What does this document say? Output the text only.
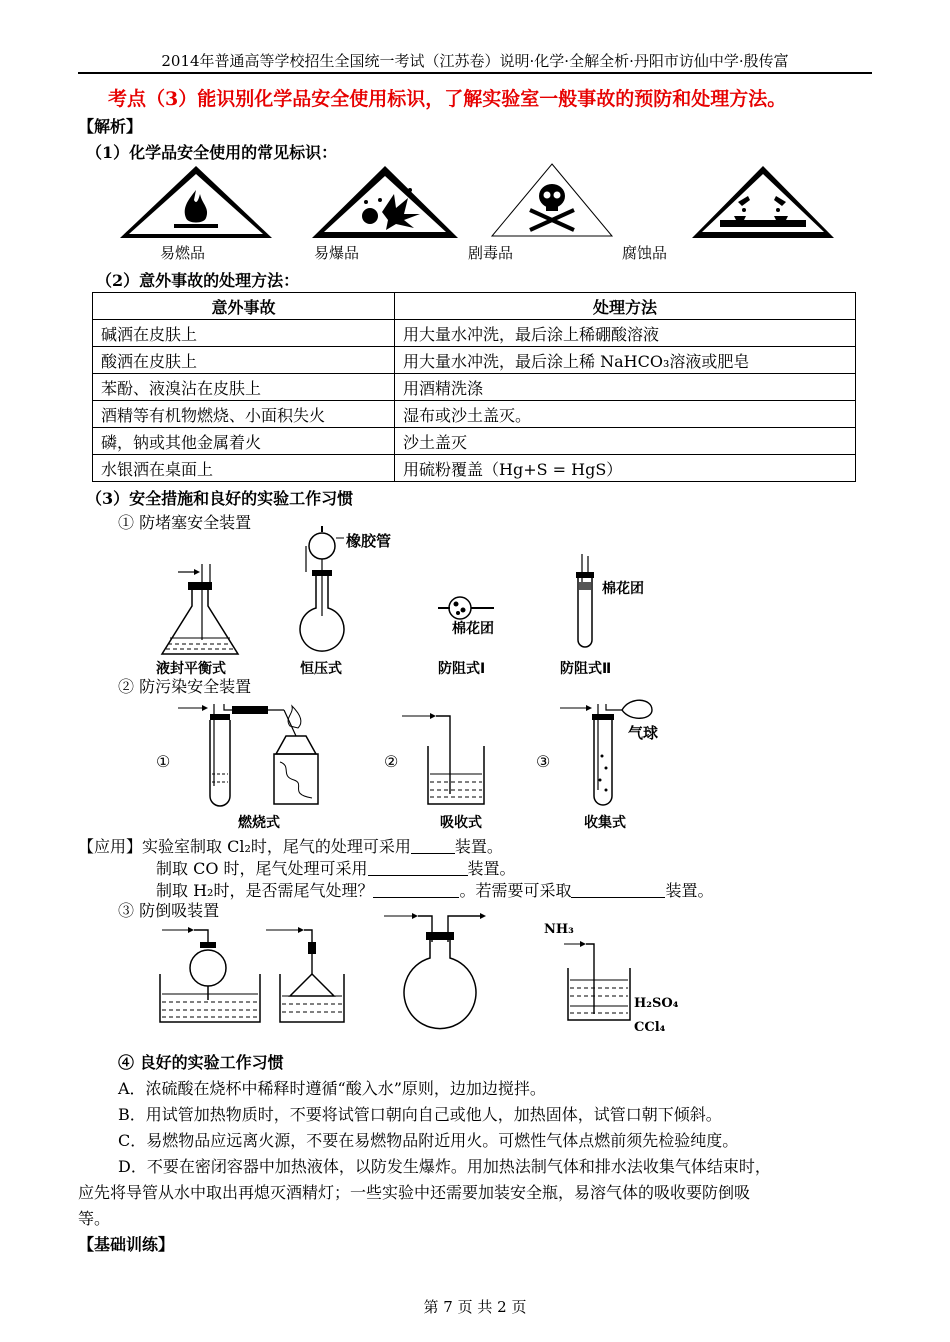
2014年普通高等学校招生全国统一考试（江苏卷）说明·化学·全解全析·丹阳市访仙中学·殷传富
考点（3）能识别化学品安全使用标识，了解实验室一般事故的预防和处理方法。
【解析】
（1）化学品安全使用的常见标识：
易燃品	易爆品	剧毒品	腐蚀品
（2）意外事故的处理方法：
意外事故	处理方法
碱洒在皮肤上	用大量水冲洗，最后涂上稀硼酸溶液
酸洒在皮肤上	用大量水冲洗，最后涂上稀 NaHCO₃溶液或肥皂
苯酚、液溴沾在皮肤上	用酒精洗涤
酒精等有机物燃烧、小面积失火	湿布或沙土盖灭。
磷，钠或其他金属着火	沙土盖灭
水银洒在桌面上	用硫粉覆盖（Hg+S = HgS）
（3）安全措施和良好的实验工作习惯
① 防堵塞安全装置
液封平衡式
橡胶管
恒压式
棉花团
防阻式Ⅰ
棉花团
防阻式Ⅱ
② 防污染安全装置
①
燃烧式
②
吸收式
③
气球
收集式
【应用】实验室制取 Cl₂时，尾气的处理可采用	装置。
制取 CO 时，尾气处理可采用	装置。
制取 H₂时，是否需尾气处理？	。若需要可采取	装置。
③ 防倒吸装置
NH₃
H₂SO₄
CCl₄
④ 良好的实验工作习惯
A．浓硫酸在烧杯中稀释时遵循“酸入水”原则，边加边搅拌。
B．用试管加热物质时，不要将试管口朝向自己或他人，加热固体，试管口朝下倾斜。
C．易燃物品应远离火源，不要在易燃物品附近用火。可燃性气体点燃前须先检验纯度。
D．不要在密闭容器中加热液体，以防发生爆炸。用加热法制气体和排水法收集气体结束时，
应先将导管从水中取出再熄灭酒精灯；一些实验中还需要加装安全瓶，易溶气体的吸收要防倒吸
等。
【基础训练】
第 7 页 共 2 页
